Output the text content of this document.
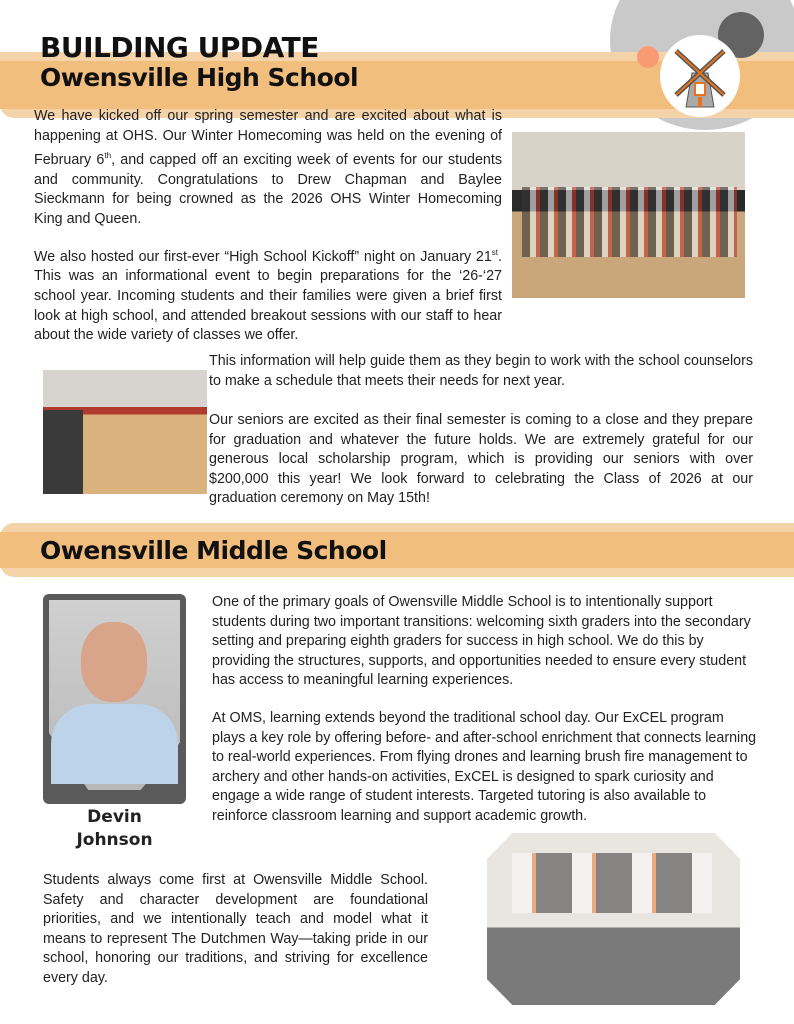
BUILDING UPDATE
Owensville High School

We have kicked off our spring semester and are excited about what is happening at OHS. Our Winter Homecoming was held on the evening of February 6th, and capped off an exciting week of events for our students and community. Congratulations to Drew Chapman and Baylee Sieckmann for being crowned as the 2026 OHS Winter Homecoming King and Queen.

We also hosted our first-ever “High School Kickoff” night on January 21st. This was an informational event to begin preparations for the ‘26-‘27 school year. Incoming students and their families were given a brief first look at high school, and attended breakout sessions with our staff to hear about the wide variety of classes we offer.

This information will help guide them as they begin to work with the school counselors to make a schedule that meets their needs for next year.

Our seniors are excited as their final semester is coming to a close and they prepare for graduation and whatever the future holds. We are extremely grateful for our generous local scholarship program, which is providing our seniors with over $200,000 this year! We look forward to celebrating the Class of 2026 at our graduation ceremony on May 15th!

Owensville Middle School
Devin
Johnson

One of the primary goals of Owensville Middle School is to intentionally support students during two important transitions: welcoming sixth graders into the secondary setting and preparing eighth graders for success in high school. We do this by providing the structures, supports, and opportunities needed to ensure every student has access to meaningful learning experiences.

At OMS, learning extends beyond the traditional school day. Our ExCEL program plays a key role by offering before- and after-school enrichment that connects learning to real-world experiences. From flying drones and learning brush fire management to archery and other hands-on activities, ExCEL is designed to spark curiosity and engage a wide range of student interests. Targeted tutoring is also available to reinforce classroom learning and support academic growth.

Students always come first at Owensville Middle School. Safety and character development are foundational priorities, and we intentionally teach and model what it means to represent The Dutchmen Way—taking pride in our school, honoring our traditions, and striving for excellence every day.
